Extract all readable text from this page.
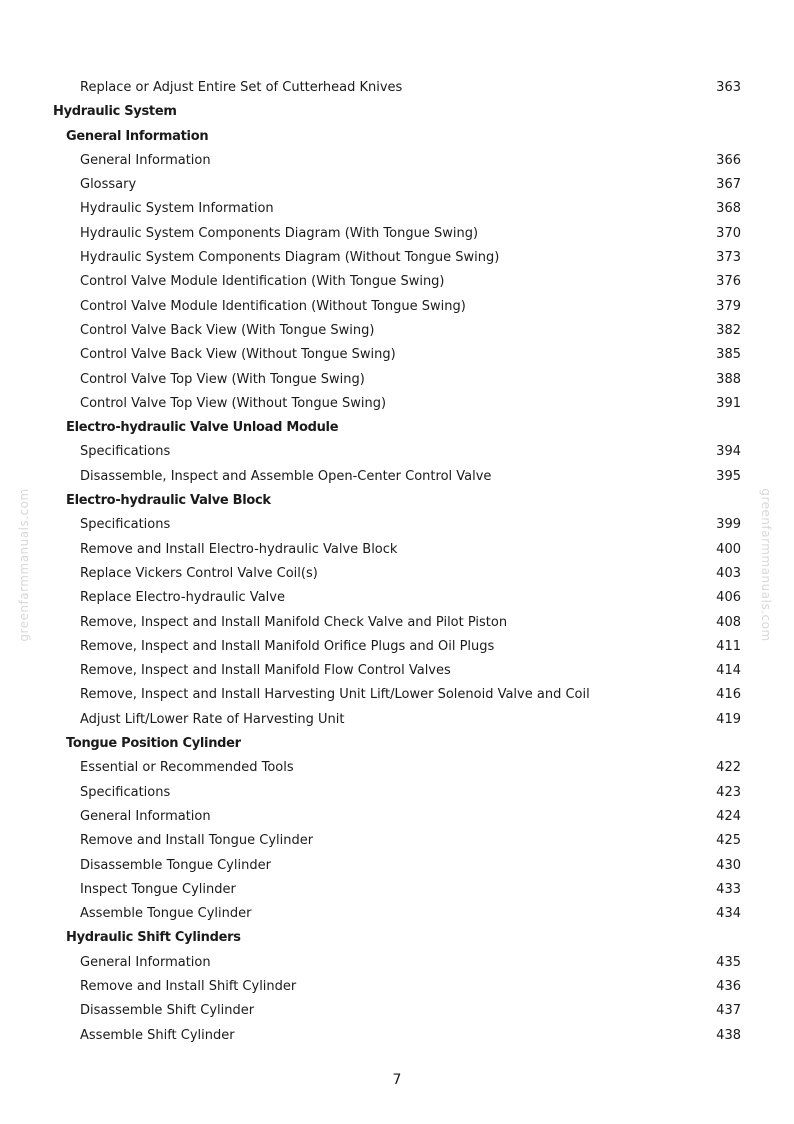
Replace or Adjust Entire Set of Cutterhead Knives	363
Hydraulic System
General Information
General Information	366
Glossary	367
Hydraulic System Information	368
Hydraulic System Components Diagram (With Tongue Swing)	370
Hydraulic System Components Diagram (Without Tongue Swing)	373
Control Valve Module Identification (With Tongue Swing)	376
Control Valve Module Identification (Without Tongue Swing)	379
Control Valve Back View (With Tongue Swing)	382
Control Valve Back View (Without Tongue Swing)	385
Control Valve Top View (With Tongue Swing)	388
Control Valve Top View (Without Tongue Swing)	391
Electro-hydraulic Valve Unload Module
Specifications	394
Disassemble, Inspect and Assemble Open-Center Control Valve	395
Electro-hydraulic Valve Block
Specifications	399
Remove and Install Electro-hydraulic Valve Block	400
Replace Vickers Control Valve Coil(s)	403
Replace Electro-hydraulic Valve	406
Remove, Inspect and Install Manifold Check Valve and Pilot Piston	408
Remove, Inspect and Install Manifold Orifice Plugs and Oil Plugs	411
Remove, Inspect and Install Manifold Flow Control Valves	414
Remove, Inspect and Install Harvesting Unit Lift/Lower Solenoid Valve and Coil	416
Adjust Lift/Lower Rate of Harvesting Unit	419
Tongue Position Cylinder
Essential or Recommended Tools	422
Specifications	423
General Information	424
Remove and Install Tongue Cylinder	425
Disassemble Tongue Cylinder	430
Inspect Tongue Cylinder	433
Assemble Tongue Cylinder	434
Hydraulic Shift Cylinders
General Information	435
Remove and Install Shift Cylinder	436
Disassemble Shift Cylinder	437
Assemble Shift Cylinder	438
7
greenfarmmanuals.com	greenfarmmanuals.com
